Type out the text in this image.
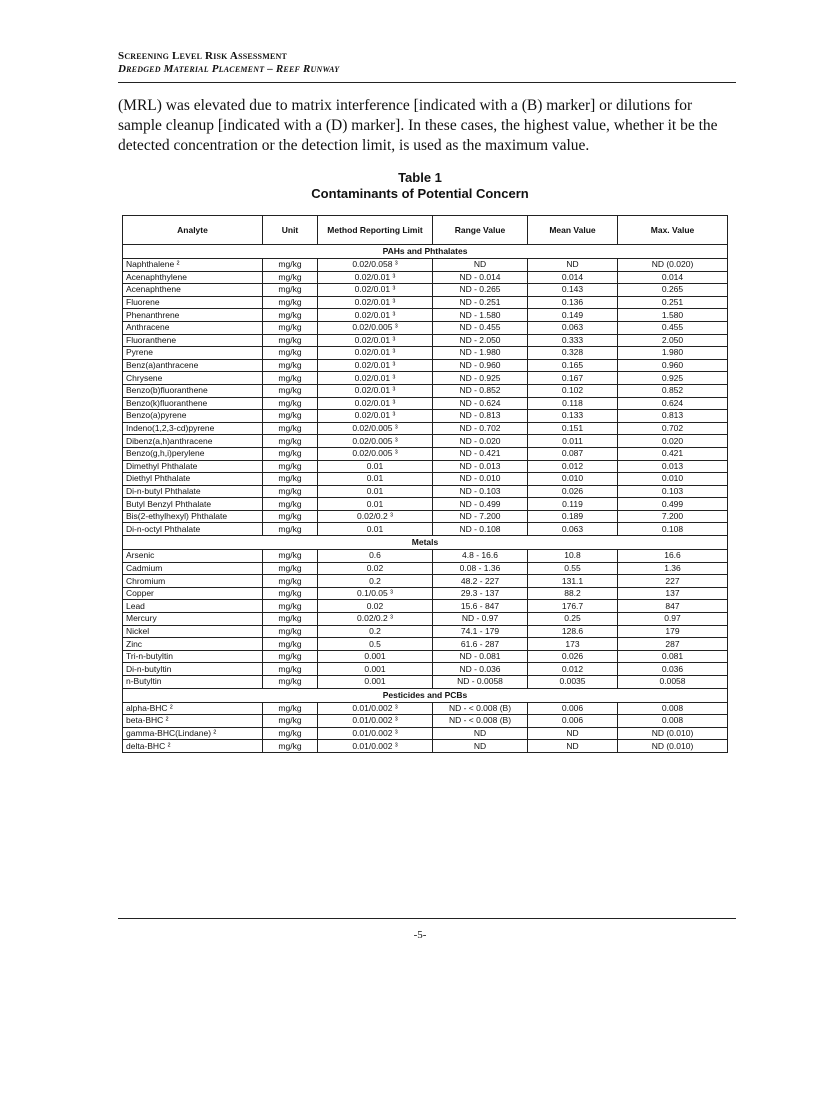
Screening Level Risk Assessment
Dredged Material Placement – Reef Runway
(MRL) was elevated due to matrix interference [indicated with a (B) marker] or dilutions for sample cleanup [indicated with a (D) marker]. In these cases, the highest value, whether it be the detected concentration or the detection limit, is used as the maximum value.
Table 1
Contaminants of Potential Concern
Analyte	Unit	Method Reporting Limit	Range Value	Mean Value	Max. Value
PAHs and Phthalates					
Naphthalene ²	mg/kg	0.02/0.058 ³	ND	ND	ND (0.020)
Acenaphthylene	mg/kg	0.02/0.01 ³	ND - 0.014	0.014	0.014
Acenaphthene	mg/kg	0.02/0.01 ³	ND - 0.265	0.143	0.265
Fluorene	mg/kg	0.02/0.01 ³	ND - 0.251	0.136	0.251
Phenanthrene	mg/kg	0.02/0.01 ³	ND - 1.580	0.149	1.580
Anthracene	mg/kg	0.02/0.005 ³	ND - 0.455	0.063	0.455
Fluoranthene	mg/kg	0.02/0.01 ³	ND - 2.050	0.333	2.050
Pyrene	mg/kg	0.02/0.01 ³	ND - 1.980	0.328	1.980
Benz(a)anthracene	mg/kg	0.02/0.01 ³	ND - 0.960	0.165	0.960
Chrysene	mg/kg	0.02/0.01 ³	ND - 0.925	0.167	0.925
Benzo(b)fluoranthene	mg/kg	0.02/0.01 ³	ND - 0.852	0.102	0.852
Benzo(k)fluoranthene	mg/kg	0.02/0.01 ³	ND - 0.624	0.118	0.624
Benzo(a)pyrene	mg/kg	0.02/0.01 ³	ND - 0.813	0.133	0.813
Indeno(1,2,3-cd)pyrene	mg/kg	0.02/0.005 ³	ND - 0.702	0.151	0.702
Dibenz(a,h)anthracene	mg/kg	0.02/0.005 ³	ND - 0.020	0.011	0.020
Benzo(g,h,i)perylene	mg/kg	0.02/0.005 ³	ND - 0.421	0.087	0.421
Dimethyl Phthalate	mg/kg	0.01	ND - 0.013	0.012	0.013
Diethyl Phthalate	mg/kg	0.01	ND - 0.010	0.010	0.010
Di-n-butyl Phthalate	mg/kg	0.01	ND - 0.103	0.026	0.103
Butyl Benzyl Phthalate	mg/kg	0.01	ND - 0.499	0.119	0.499
Bis(2-ethylhexyl) Phthalate	mg/kg	0.02/0.2 ³	ND - 7.200	0.189	7.200
Di-n-octyl Phthalate	mg/kg	0.01	ND - 0.108	0.063	0.108
Metals					
Arsenic	mg/kg	0.6	4.8 - 16.6	10.8	16.6
Cadmium	mg/kg	0.02	0.08 - 1.36	0.55	1.36
Chromium	mg/kg	0.2	48.2 - 227	131.1	227
Copper	mg/kg	0.1/0.05 ³	29.3 - 137	88.2	137
Lead	mg/kg	0.02	15.6 - 847	176.7	847
Mercury	mg/kg	0.02/0.2 ³	ND - 0.97	0.25	0.97
Nickel	mg/kg	0.2	74.1 - 179	128.6	179
Zinc	mg/kg	0.5	61.6 - 287	173	287
Tri-n-butyltin	mg/kg	0.001	ND - 0.081	0.026	0.081
Di-n-butyltin	mg/kg	0.001	ND - 0.036	0.012	0.036
n-Butyltin	mg/kg	0.001	ND - 0.0058	0.0035	0.0058
Pesticides and PCBs					
alpha-BHC ²	mg/kg	0.01/0.002 ³	ND - < 0.008 (B)	0.006	0.008
beta-BHC ²	mg/kg	0.01/0.002 ³	ND - < 0.008 (B)	0.006	0.008
gamma-BHC(Lindane) ²	mg/kg	0.01/0.002 ³	ND	ND	ND (0.010)
delta-BHC ²	mg/kg	0.01/0.002 ³	ND	ND	ND (0.010)
-5-
